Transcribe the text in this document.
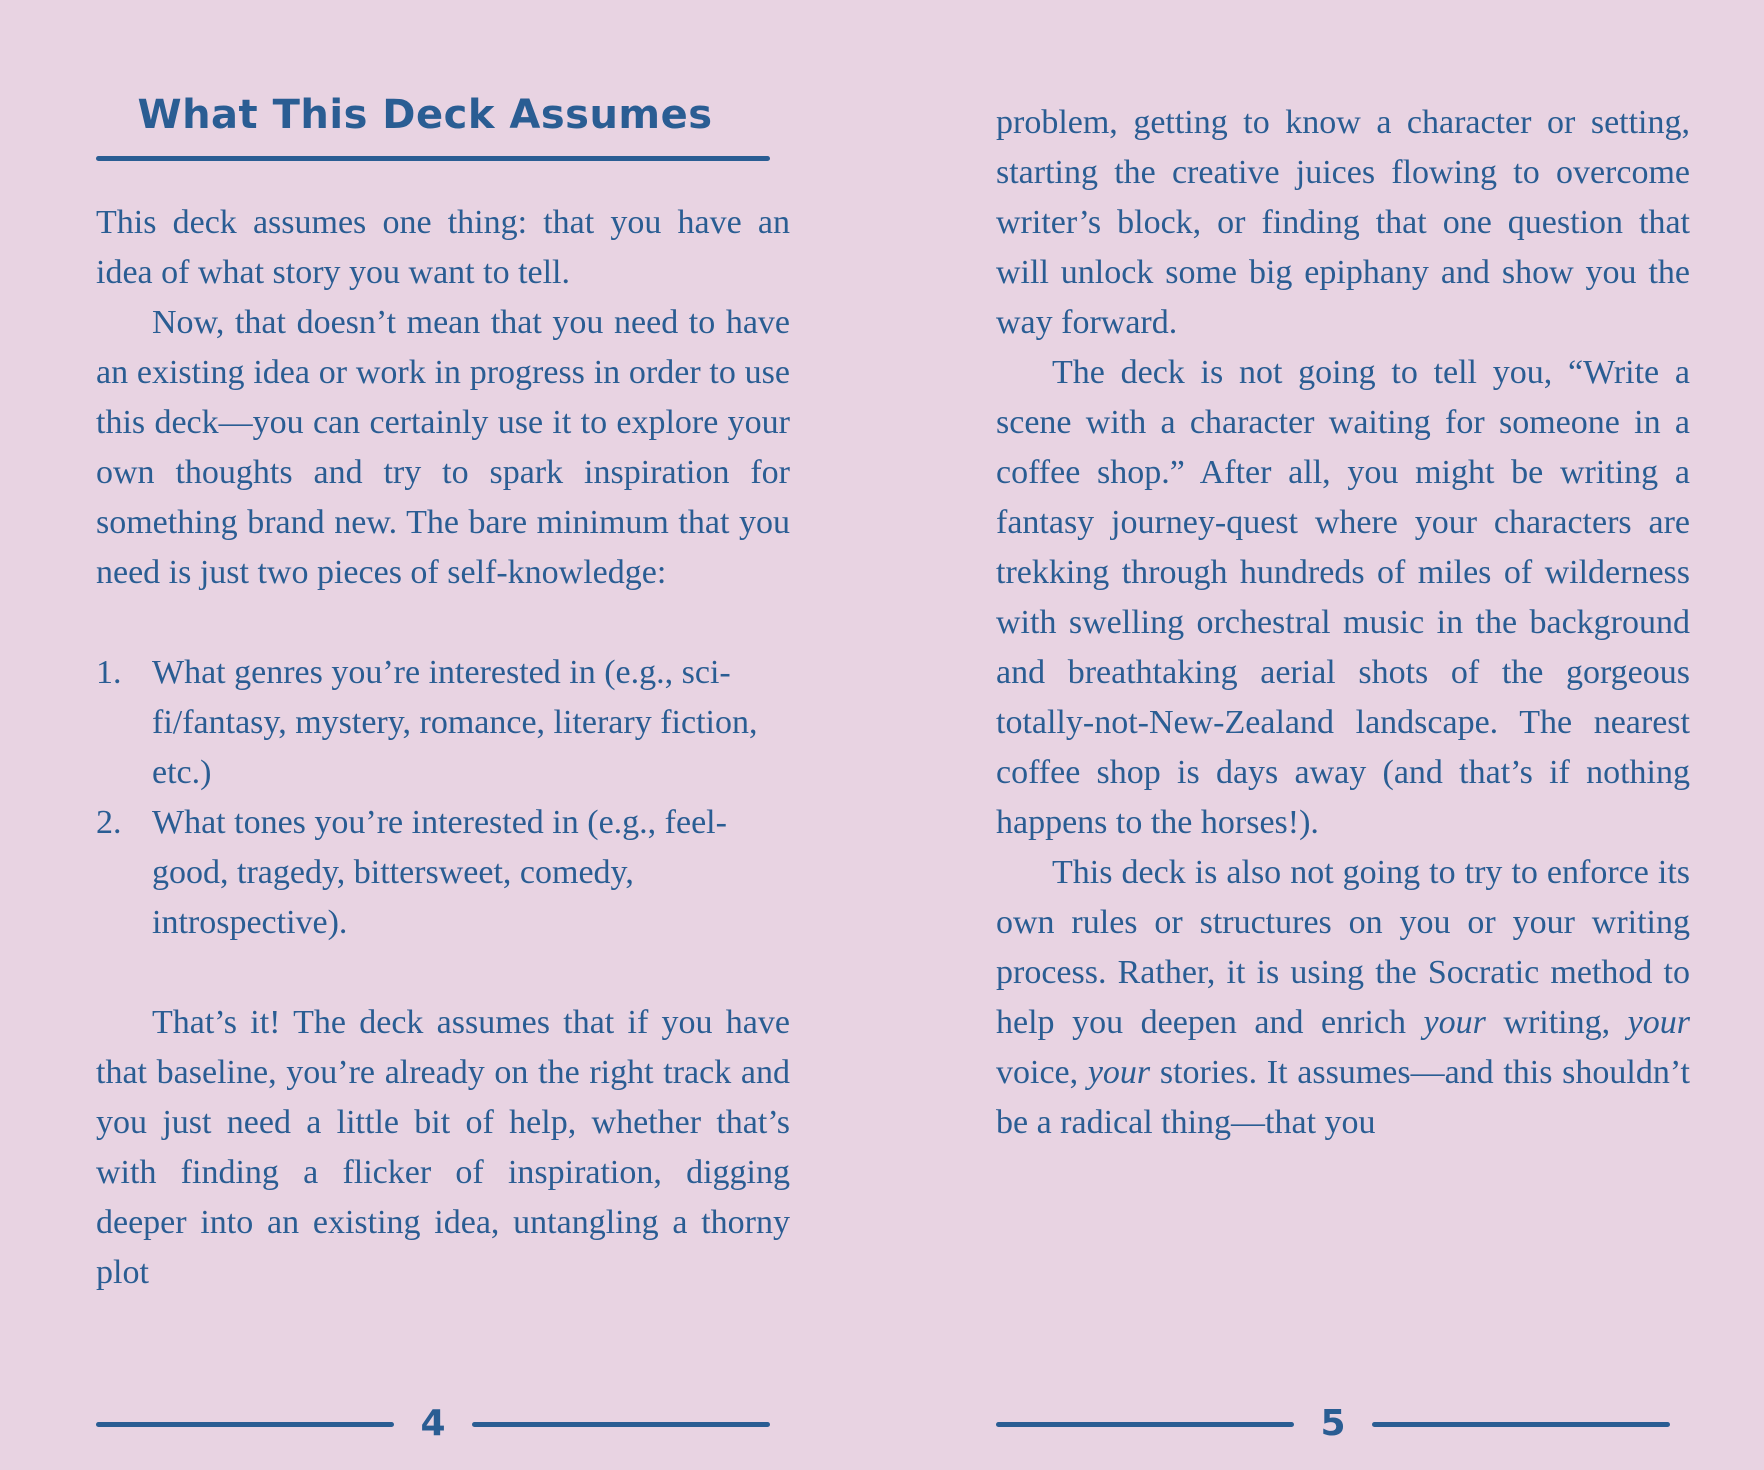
What This Deck Assumes

This deck assumes one thing: that you have an idea of what story you want to tell.

Now, that doesn’t mean that you need to have an existing idea or work in progress in order to use this deck—you can certainly use it to explore your own thoughts and try to spark inspiration for something brand new. The bare minimum that you need is just two pieces of self-knowledge:

1. What genres you’re interested in (e.g., sci-fi/fantasy, mystery, romance, literary fiction, etc.)
2. What tones you’re interested in (e.g., feel-good, tragedy, bittersweet, comedy, introspective).

That’s it! The deck assumes that if you have that baseline, you’re already on the right track and you just need a little bit of help, whether that’s with finding a flicker of inspiration, digging deeper into an existing idea, untangling a thorny plot

4

problem, getting to know a character or setting, starting the creative juices flowing to overcome writer’s block, or finding that one question that will unlock some big epiphany and show you the way forward.

The deck is not going to tell you, “Write a scene with a character waiting for someone in a coffee shop.” After all, you might be writing a fantasy journey-quest where your characters are trekking through hundreds of miles of wilderness with swelling orchestral music in the background and breathtaking aerial shots of the gorgeous totally-not-New-Zealand landscape. The nearest coffee shop is days away (and that’s if nothing happens to the horses!).

This deck is also not going to try to enforce its own rules or structures on you or your writing process. Rather, it is using the Socratic method to help you deepen and enrich your writing, your voice, your stories. It assumes—and this shouldn’t be a radical thing—that you

5
